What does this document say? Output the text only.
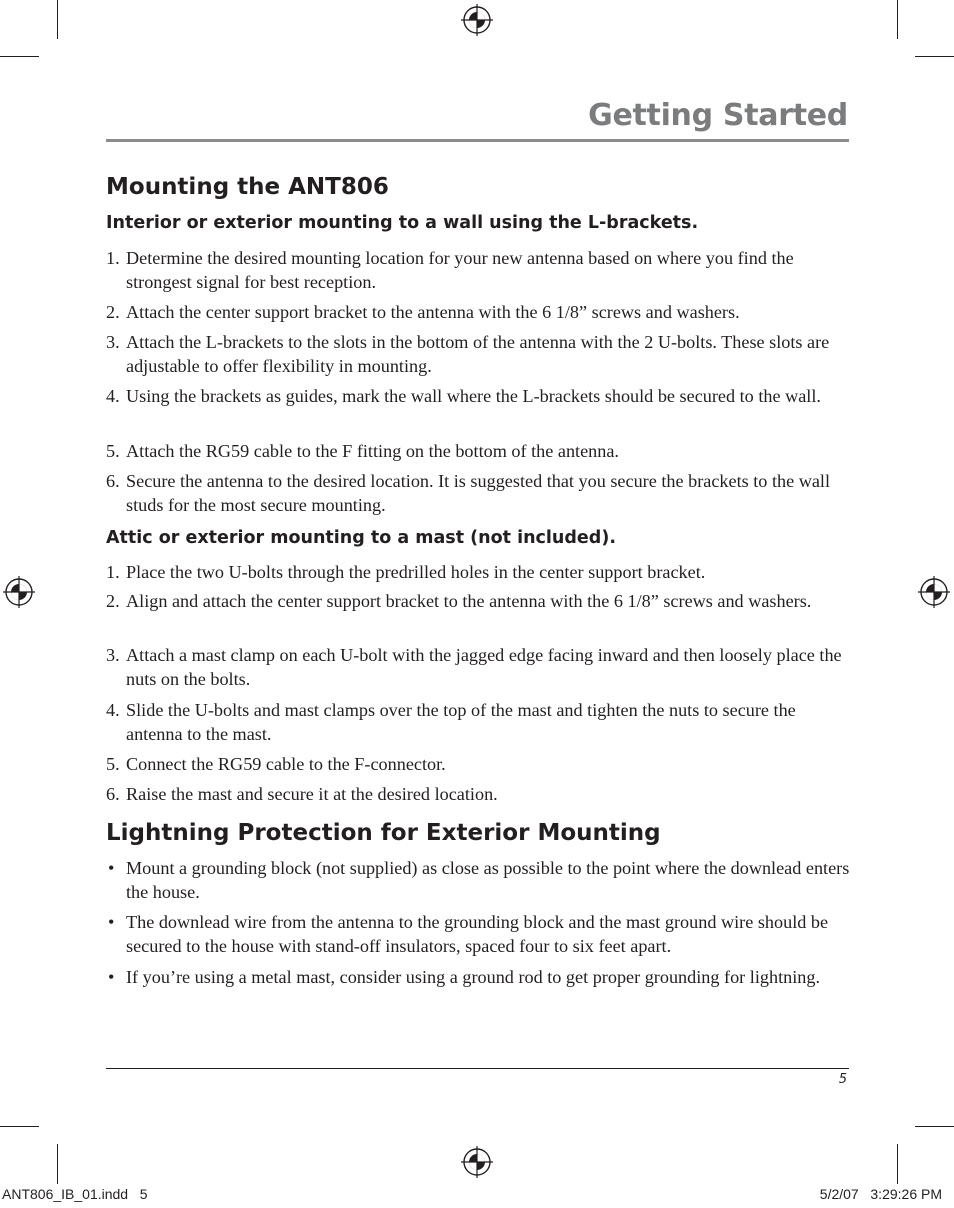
Getting Started
Mounting the ANT806
Interior or exterior mounting to a wall using the L-brackets.
1. Determine the desired mounting location for your new antenna based on where you find the strongest signal for best reception.
2. Attach the center support bracket to the antenna with the 6 1/8” screws and washers.
3. Attach the L-brackets to the slots in the bottom of the antenna with the 2 U-bolts. These slots are adjustable to offer flexibility in mounting.
4. Using the brackets as guides, mark the wall where the L-brackets should be secured to the wall.
5. Attach the RG59 cable to the F fitting on the bottom of the antenna.
6. Secure the antenna to the desired location. It is suggested that you secure the brackets to the wall studs for the most secure mounting.
Attic or exterior mounting to a mast (not included).
1. Place the two U-bolts through the predrilled holes in the center support bracket.
2. Align and attach the center support bracket to the antenna with the 6 1/8” screws and washers.
3. Attach a mast clamp on each U-bolt with the jagged edge facing inward and then loosely place the nuts on the bolts.
4. Slide the U-bolts and mast clamps over the top of the mast and tighten the nuts to secure the antenna to the mast.
5. Connect the RG59 cable to the F-connector.
6. Raise the mast and secure it at the desired location.
Lightning Protection for Exterior Mounting
• Mount a grounding block (not supplied) as close as possible to the point where the downlead enters the house.
• The downlead wire from the antenna to the grounding block and the mast ground wire should be secured to the house with stand-off insulators, spaced four to six feet apart.
• If you’re using a metal mast, consider using a ground rod to get proper grounding for lightning.
5
ANT806_IB_01.indd   5	5/2/07   3:29:26 PM
